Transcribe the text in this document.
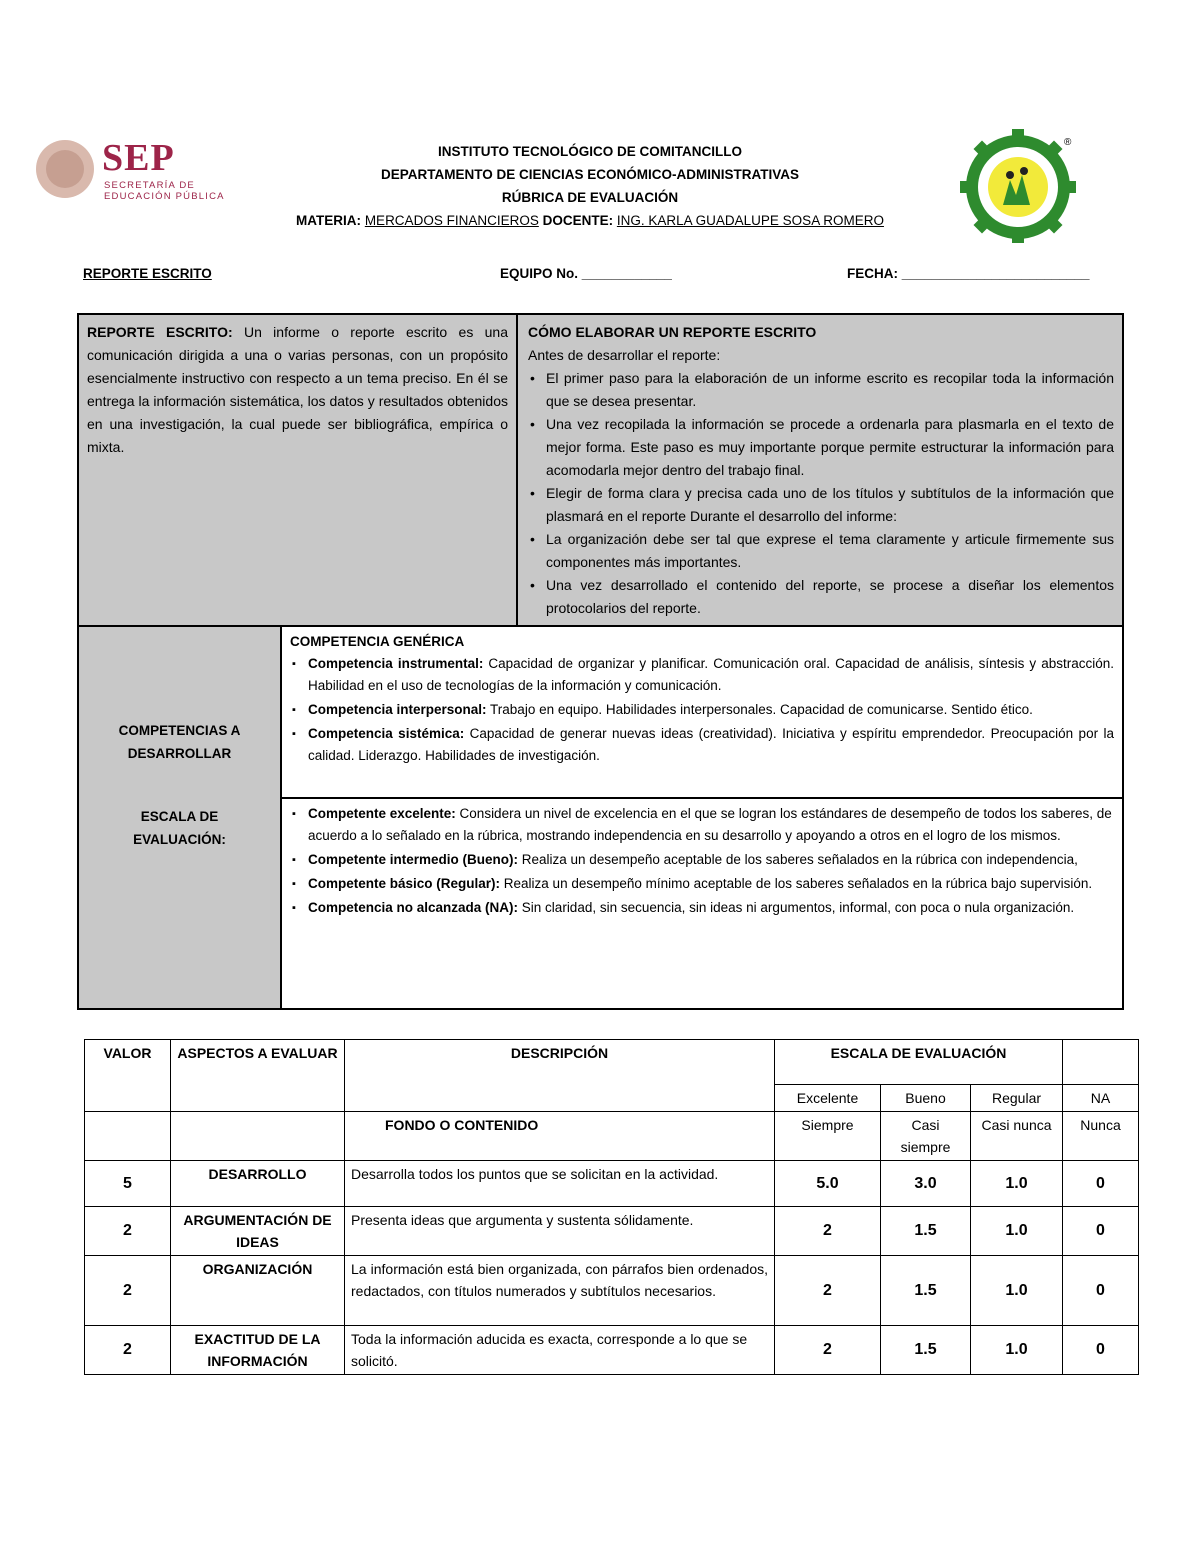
SEP
SECRETARÍA DE
EDUCACIÓN PÚBLICA
®
INSTITUTO TECNOLÓGICO DE COMITANCILLO
DEPARTAMENTO DE CIENCIAS ECONÓMICO-ADMINISTRATIVAS
RÚBRICA DE EVALUACIÓN
MATERIA: MERCADOS FINANCIEROS DOCENTE: ING. KARLA GUADALUPE SOSA ROMERO
REPORTE ESCRITO	EQUIPO No. ____________	FECHA: _________________________
REPORTE ESCRITO: Un informe o reporte escrito es una comunicación dirigida a una o varias personas, con un propósito esencialmente instructivo con respecto a un tema preciso. En él se entrega la información sistemática, los datos y resultados obtenidos en una investigación, la cual puede ser bibliográfica, empírica o mixta.
CÓMO ELABORAR UN REPORTE ESCRITO
Antes de desarrollar el reporte:
• El primer paso para la elaboración de un informe escrito es recopilar toda la información que se desea presentar.
• Una vez recopilada la información se procede a ordenarla para plasmarla en el texto de mejor forma. Este paso es muy importante porque permite estructurar la información para acomodarla mejor dentro del trabajo final.
• Elegir de forma clara y precisa cada uno de los títulos y subtítulos de la información que plasmará en el reporte Durante el desarrollo del informe:
• La organización debe ser tal que exprese el tema claramente y articule firmemente sus componentes más importantes.
• Una vez desarrollado el contenido del reporte, se procese a diseñar los elementos protocolarios del reporte.
COMPETENCIAS A DESARROLLAR
ESCALA DE EVALUACIÓN:
COMPETENCIA GENÉRICA
▪ Competencia instrumental: Capacidad de organizar y planificar. Comunicación oral. Capacidad de análisis, síntesis y abstracción. Habilidad en el uso de tecnologías de la información y comunicación.
▪ Competencia interpersonal: Trabajo en equipo. Habilidades interpersonales. Capacidad de comunicarse. Sentido ético.
▪ Competencia sistémica: Capacidad de generar nuevas ideas (creatividad). Iniciativa y espíritu emprendedor. Preocupación por la calidad. Liderazgo. Habilidades de investigación.
▪ Competente excelente: Considera un nivel de excelencia en el que se logran los estándares de desempeño de todos los saberes, de acuerdo a lo señalado en la rúbrica, mostrando independencia en su desarrollo y apoyando a otros en el logro de los mismos.
▪ Competente intermedio (Bueno): Realiza un desempeño aceptable de los saberes señalados en la rúbrica con independencia,
▪ Competente básico (Regular): Realiza un desempeño mínimo aceptable de los saberes señalados en la rúbrica bajo supervisión.
▪ Competencia no alcanzada (NA): Sin claridad, sin secuencia, sin ideas ni argumentos, informal, con poca o nula organización.
VALOR	ASPECTOS A EVALUAR	DESCRIPCIÓN	ESCALA DE EVALUACIÓN			
			Excelente	Bueno	Regular	NA
		FONDO O CONTENIDO	Siempre	Casi siempre	Casi nunca	Nunca
5	DESARROLLO	Desarrolla todos los puntos que se solicitan en la actividad.	5.0	3.0	1.0	0
2	ARGUMENTACIÓN DE IDEAS	Presenta ideas que argumenta y sustenta sólidamente.	2	1.5	1.0	0
2	ORGANIZACIÓN	La información está bien organizada, con párrafos bien ordenados, redactados, con títulos numerados y subtítulos necesarios.	2	1.5	1.0	0
2	EXACTITUD DE LA INFORMACIÓN	Toda la información aducida es exacta, corresponde a lo que se solicitó.	2	1.5	1.0	0
